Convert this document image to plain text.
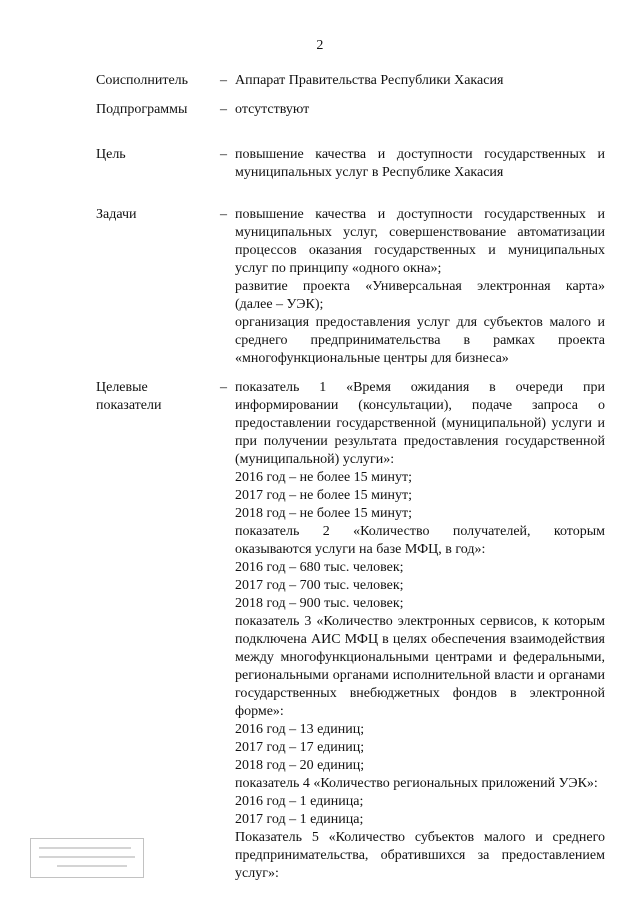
2
Соисполнитель	– Аппарат Правительства Республики Хакасия
Подпрограммы	– отсутствуют
Цель	– повышение качества и доступности государственных и
муниципальных услуг в Республике Хакасия
Задачи	– повышение качества и доступности государственных и
муниципальных услуг, совершенствование автоматизации
процессов оказания государственных и муниципальных
услуг по принципу «одного окна»;
развитие проекта «Универсальная электронная карта»
(далее – УЭК);
организация предоставления услуг для субъектов малого и
среднего предпринимательства в рамках проекта
«многофункциональные центры для бизнеса»
Целевые
показатели
– показатель 1 «Время ожидания в очереди при
информировании (консультации), подаче запроса о
предоставлении государственной (муниципальной) услуги и
при получении результата предоставления государственной
(муниципальной) услуги»:
2016 год – не более 15 минут;
2017 год – не более 15 минут;
2018 год – не более 15 минут;
показатель 2 «Количество получателей, которым
оказываются услуги на базе МФЦ, в год»:
2016 год – 680 тыс. человек;
2017 год – 700 тыс. человек;
2018 год – 900 тыс. человек;
показатель 3 «Количество электронных сервисов, к которым
подключена АИС МФЦ в целях обеспечения взаимодействия
между многофункциональными центрами и федеральными,
региональными органами исполнительной власти и органами
государственных внебюджетных фондов в электронной
форме»:
2016 год – 13 единиц;
2017 год – 17 единиц;
2018 год – 20 единиц;
показатель 4 «Количество региональных приложений УЭК»:
2016 год – 1 единица;
2017 год – 1 единица;
Показатель 5 «Количество субъектов малого и среднего
предпринимательства, обратившихся за предоставлением
услуг»:
